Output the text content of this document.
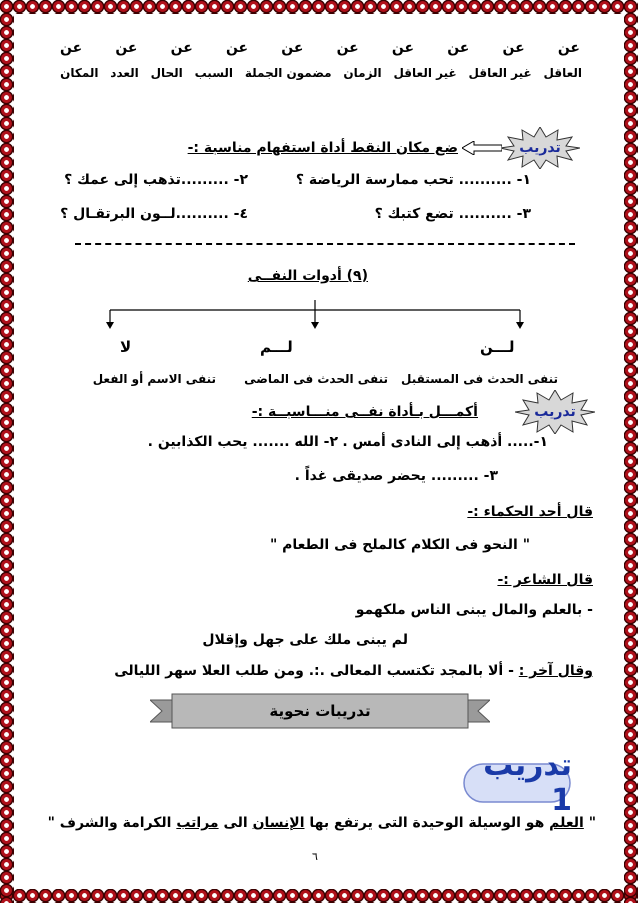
عن
عن
عن
عن
عن
عن
عن
عن
عن
عن
العاقل
غير العاقل
غير العاقل
الزمان
مضمون الجملة
السبب
الحال
العدد
المكان
تدريب
ضع مكان النقط أداة استفهام مناسبة :-
١- .......... تحب ممارسة الرياضة ؟
٢- .........تذهب إلى عمك ؟
٣- .......... تضع كتبك ؟
٤- ..........لــون البرتقـال ؟
(٩) أدوات النفــى
لـــن
لـــم
لا
تنفى الحدث فى المستقبل
تنفى الحدث فى الماضى
تنفى الاسم أو الفعل
تدريب
أكمـــل بـأداة نفــى منـــاسبــة :-
١-..... أذهب إلى النادى أمس .
٢- الله ....... يحب الكذابين .
٣- ......... يحضر صديقى غداً .
قال أحد الحكماء :-
" النحو فى الكلام كالملح فى الطعام "
قال الشاعر :-
- بالعلم والمال يبنى الناس ملكهمو
لم يبنى ملك على جهل وإقلال
وقال آخر : - ألا بالمجد تكتسب المعالى .:. ومن طلب العلا سهر الليالى
تدريبات نحوية
تدريب 1
" العلم هو الوسيلة الوحيدة التى يرتفع بها الإنسان الى مراتب الكرامة والشرف "
٦
